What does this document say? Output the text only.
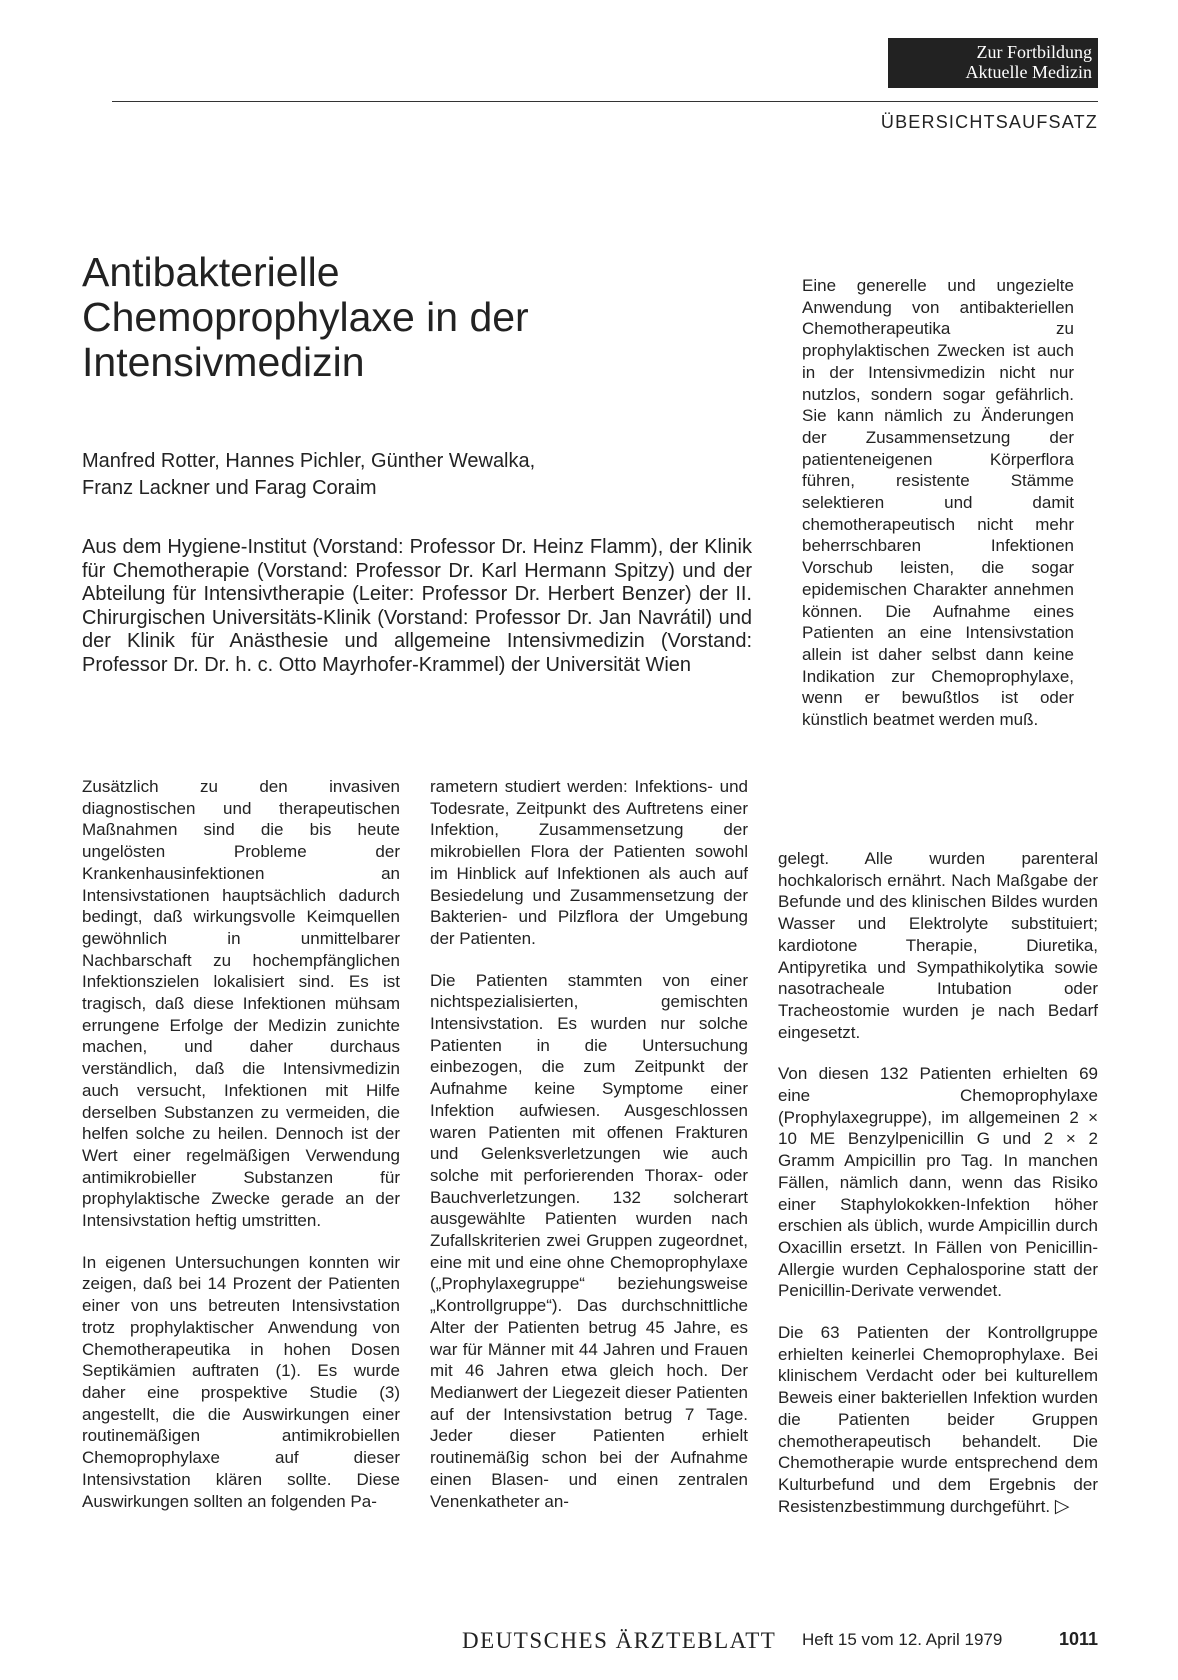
Zur Fortbildung
Aktuelle Medizin
ÜBERSICHTSAUFSATZ
Antibakterielle
Chemoprophylaxe in der
Intensivmedizin
Manfred Rotter, Hannes Pichler, Günther Wewalka,
Franz Lackner und Farag Coraim
Aus dem Hygiene-Institut (Vorstand: Professor Dr. Heinz Flamm), der Klinik für Chemotherapie (Vorstand: Professor Dr. Karl Hermann Spitzy) und der Abteilung für Intensivtherapie (Leiter: Professor Dr. Herbert Benzer) der II. Chirurgischen Universitäts-Klinik (Vorstand: Professor Dr. Jan Navrátil) und der Klinik für Anästhesie und allgemeine Intensivmedizin (Vorstand: Professor Dr. Dr. h. c. Otto Mayrhofer-Krammel) der Universität Wien

Eine generelle und ungezielte Anwendung von antibakteriellen Chemotherapeutika zu prophylaktischen Zwecken ist auch in der Intensivmedizin nicht nur nutzlos, sondern sogar gefährlich. Sie kann nämlich zu Änderungen der Zusammensetzung der patienteneigenen Körperflora führen, resistente Stämme selektieren und damit chemotherapeutisch nicht mehr beherrschbaren Infektionen Vorschub leisten, die sogar epidemischen Charakter annehmen können. Die Aufnahme eines Patienten an eine Intensivstation allein ist daher selbst dann keine Indikation zur Chemoprophylaxe, wenn er bewußtlos ist oder künstlich beatmet werden muß.

Zusätzlich zu den invasiven diagnostischen und therapeutischen Maßnahmen sind die bis heute ungelösten Probleme der Krankenhausinfektionen an Intensivstationen hauptsächlich dadurch bedingt, daß wirkungsvolle Keimquellen gewöhnlich in unmittelbarer Nachbarschaft zu hochempfänglichen Infektionszielen lokalisiert sind. Es ist tragisch, daß diese Infektionen mühsam errungene Erfolge der Medizin zunichte machen, und daher durchaus verständlich, daß die Intensivmedizin auch versucht, Infektionen mit Hilfe derselben Substanzen zu vermeiden, die helfen solche zu heilen. Dennoch ist der Wert einer regelmäßigen Verwendung antimikrobieller Substanzen für prophylaktische Zwecke gerade an der Intensivstation heftig umstritten.

In eigenen Untersuchungen konnten wir zeigen, daß bei 14 Prozent der Patienten einer von uns betreuten Intensivstation trotz prophylaktischer Anwendung von Chemotherapeutika in hohen Dosen Septikämien auftraten (1). Es wurde daher eine prospektive Studie (3) angestellt, die die Auswirkungen einer routinemäßigen antimikrobiellen Chemoprophylaxe auf dieser Intensivstation klären sollte. Diese Auswirkungen sollten an folgenden Pa-

rametern studiert werden: Infektions- und Todesrate, Zeitpunkt des Auftretens einer Infektion, Zusammensetzung der mikrobiellen Flora der Patienten sowohl im Hinblick auf Infektionen als auch auf Besiedelung und Zusammensetzung der Bakterien- und Pilzflora der Umgebung der Patienten.

Die Patienten stammten von einer nichtspezialisierten, gemischten Intensivstation. Es wurden nur solche Patienten in die Untersuchung einbezogen, die zum Zeitpunkt der Aufnahme keine Symptome einer Infektion aufwiesen. Ausgeschlossen waren Patienten mit offenen Frakturen und Gelenksverletzungen wie auch solche mit perforierenden Thorax- oder Bauchverletzungen. 132 solcherart ausgewählte Patienten wurden nach Zufallskriterien zwei Gruppen zugeordnet, eine mit und eine ohne Chemoprophylaxe („Prophylaxegruppe“ beziehungsweise „Kontrollgruppe“). Das durchschnittliche Alter der Patienten betrug 45 Jahre, es war für Männer mit 44 Jahren und Frauen mit 46 Jahren etwa gleich hoch. Der Medianwert der Liegezeit dieser Patienten auf der Intensivstation betrug 7 Tage. Jeder dieser Patienten erhielt routinemäßig schon bei der Aufnahme einen Blasen- und einen zentralen Venenkatheter an-

gelegt. Alle wurden parenteral hochkalorisch ernährt. Nach Maßgabe der Befunde und des klinischen Bildes wurden Wasser und Elektrolyte substituiert; kardiotone Therapie, Diuretika, Antipyretika und Sympathikolytika sowie nasotracheale Intubation oder Tracheostomie wurden je nach Bedarf eingesetzt.

Von diesen 132 Patienten erhielten 69 eine Chemoprophylaxe (Prophylaxegruppe), im allgemeinen 2 × 10 ME Benzylpenicillin G und 2 × 2 Gramm Ampicillin pro Tag. In manchen Fällen, nämlich dann, wenn das Risiko einer Staphylokokken-Infektion höher erschien als üblich, wurde Ampicillin durch Oxacillin ersetzt. In Fällen von Penicillin-Allergie wurden Cephalosporine statt der Penicillin-Derivate verwendet.

Die 63 Patienten der Kontrollgruppe erhielten keinerlei Chemoprophylaxe. Bei klinischem Verdacht oder bei kulturellem Beweis einer bakteriellen Infektion wurden die Patienten beider Gruppen chemotherapeutisch behandelt. Die Chemotherapie wurde entsprechend dem Kulturbefund und dem Ergebnis der Resistenzbestimmung durchgeführt. ▷

DEUTSCHES ÄRZTEBLATT Heft 15 vom 12. April 1979	1011
